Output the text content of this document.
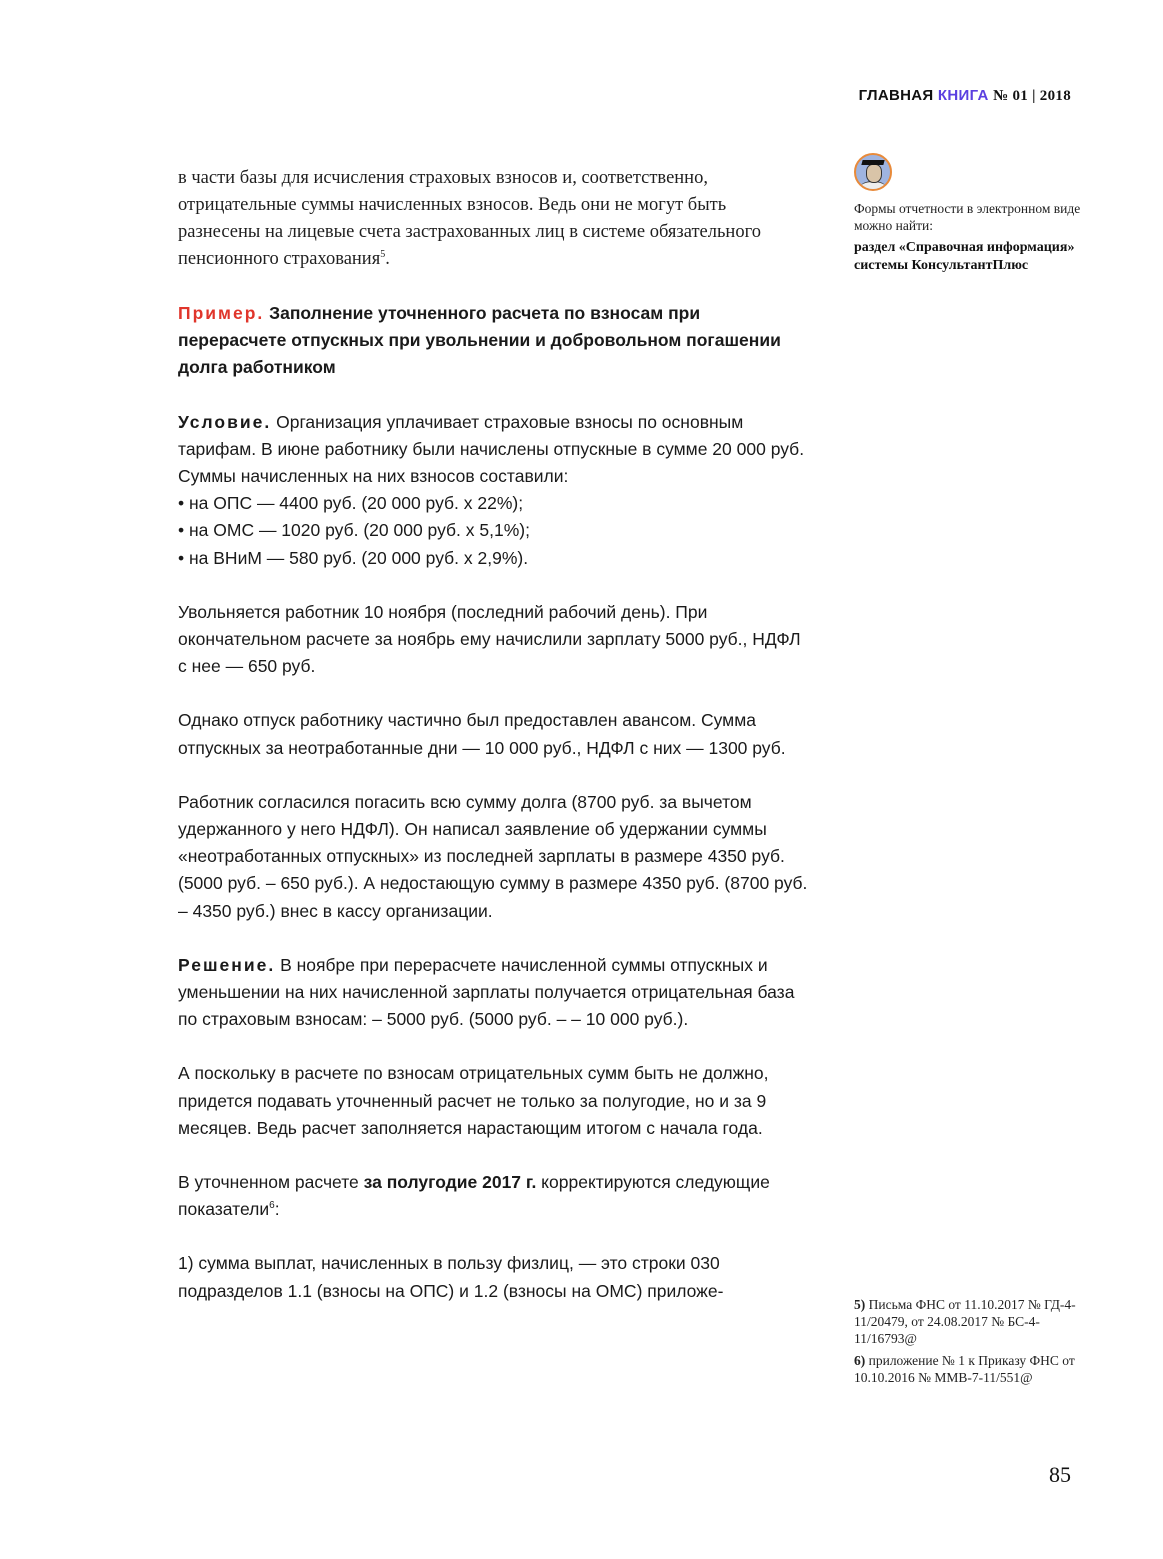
ГЛАВНАЯ КНИГА № 01 | 2018

в части базы для исчисления страховых взносов и, соответственно, отрицательные суммы начисленных взносов. Ведь они не могут быть разнесены на лицевые счета застрахованных лиц в системе обязательного пенсионного страхования$^5$.

Пример. Заполнение уточненного расчета по взносам при перерасчете отпускных при увольнении и добровольном погашении долга работником

Условие. Организация уплачивает страховые взносы по основным тарифам. В июне работнику были начислены отпускные в сумме 20 000 руб. Суммы начисленных на них взносов составили:
• на ОПС — 4400 руб. (20 000 руб. х 22%);
• на ОМС — 1020 руб. (20 000 руб. х 5,1%);
• на ВНиМ — 580 руб. (20 000 руб. х 2,9%).

Увольняется работник 10 ноября (последний рабочий день). При окончательном расчете за ноябрь ему начислили зарплату 5000 руб., НДФЛ с нее — 650 руб.

Однако отпуск работнику частично был предоставлен авансом. Сумма отпускных за неотработанные дни — 10 000 руб., НДФЛ с них — 1300 руб.

Работник согласился погасить всю сумму долга (8700 руб. за вычетом удержанного у него НДФЛ). Он написал заявление об удержании суммы «неотработанных отпускных» из последней зарплаты в размере 4350 руб. (5000 руб. – 650 руб.). А недостающую сумму в размере 4350 руб. (8700 руб. – 4350 руб.) внес в кассу организации.

Решение. В ноябре при перерасчете начисленной суммы отпускных и уменьшении на них начисленной зарплаты получается отрицательная база по страховым взносам: – 5000 руб. (5000 руб. – – 10 000 руб.).

А поскольку в расчете по взносам отрицательных сумм быть не должно, придется подавать уточненный расчет не только за полугодие, но и за 9 месяцев. Ведь расчет заполняется нарастающим итогом с начала года.

В уточненном расчете за полугодие 2017 г. корректируются следующие показатели$^6$:

1) сумма выплат, начисленных в пользу физлиц, — это строки 030 подразделов 1.1 (взносы на ОПС) и 1.2 (взносы на ОМС) приложе-

Формы отчетности в электронном виде можно найти:
раздел «Справочная информация» системы КонсультантПлюс

5) Письма ФНС от 11.10.2017 № ГД-4-11/20479, от 24.08.2017 № БС-4-11/16793@

6) приложение № 1 к Приказу ФНС от 10.10.2016 № ММВ-7-11/551@

85
